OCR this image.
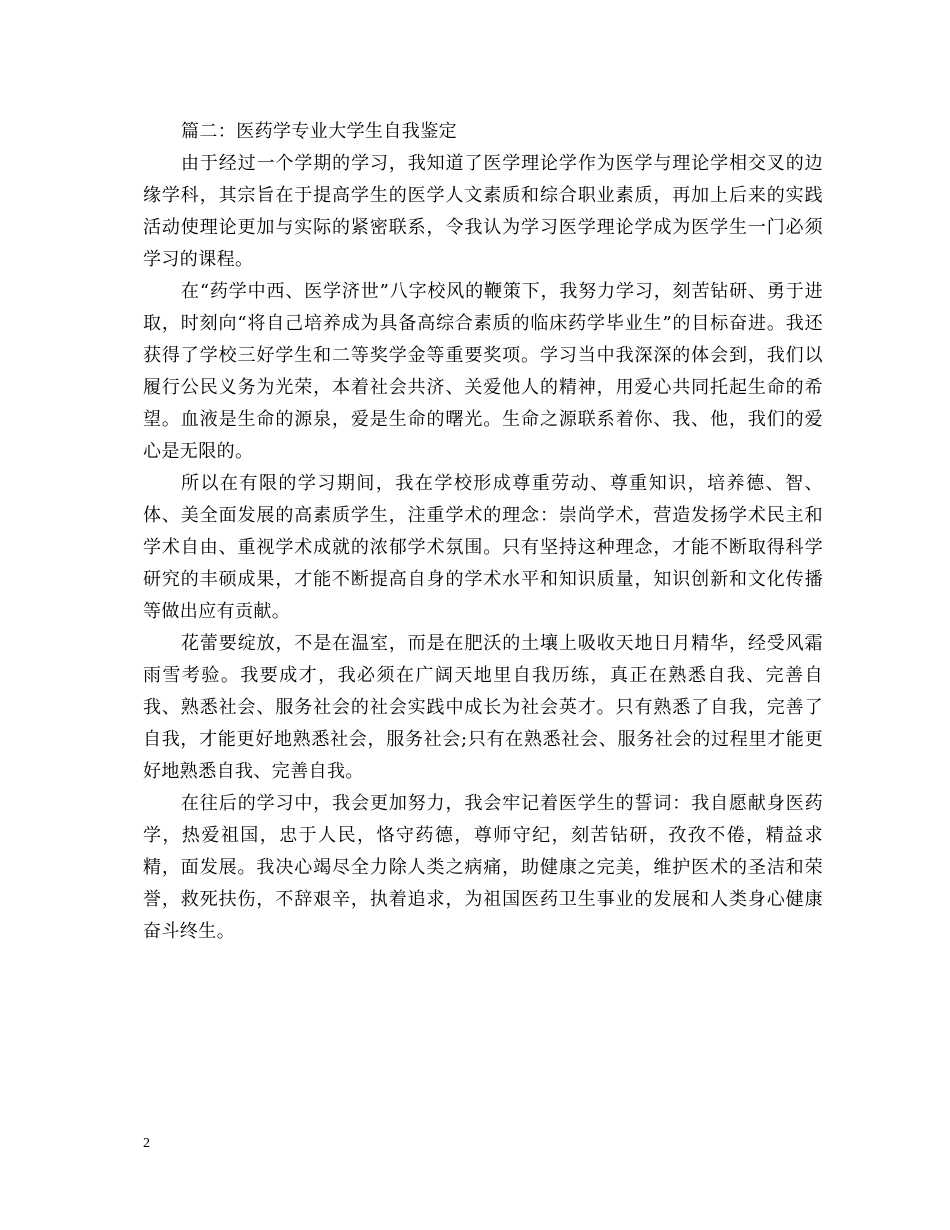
篇二：医药学专业大学生自我鉴定

由于经过一个学期的学习，我知道了医学理论学作为医学与理论学相交叉的边缘学科，其宗旨在于提高学生的医学人文素质和综合职业素质，再加上后来的实践活动使理论更加与实际的紧密联系，令我认为学习医学理论学成为医学生一门必须学习的课程。

在“药学中西、医学济世”八字校风的鞭策下，我努力学习，刻苦钻研、勇于进取，时刻向“将自己培养成为具备高综合素质的临床药学毕业生”的目标奋进。我还获得了学校三好学生和二等奖学金等重要奖项。学习当中我深深的体会到，我们以履行公民义务为光荣，本着社会共济、关爱他人的精神，用爱心共同托起生命的希望。血液是生命的源泉，爱是生命的曙光。生命之源联系着你、我、他，我们的爱心是无限的。

所以在有限的学习期间，我在学校形成尊重劳动、尊重知识，培养德、智、体、美全面发展的高素质学生，注重学术的理念：崇尚学术，营造发扬学术民主和学术自由、重视学术成就的浓郁学术氛围。只有坚持这种理念，才能不断取得科学研究的丰硕成果，才能不断提高自身的学术水平和知识质量，知识创新和文化传播等做出应有贡献。

花蕾要绽放，不是在温室，而是在肥沃的土壤上吸收天地日月精华，经受风霜雨雪考验。我要成才，我必须在广阔天地里自我历练，真正在熟悉自我、完善自我、熟悉社会、服务社会的社会实践中成长为社会英才。只有熟悉了自我，完善了自我，才能更好地熟悉社会，服务社会;只有在熟悉社会、服务社会的过程里才能更好地熟悉自我、完善自我。

在往后的学习中，我会更加努力，我会牢记着医学生的誓词：我自愿献身医药学，热爱祖国，忠于人民，恪守药德，尊师守纪，刻苦钻研，孜孜不倦，精益求精，面发展。我决心竭尽全力除人类之病痛，助健康之完美，维护医术的圣洁和荣誉，救死扶伤，不辞艰辛，执着追求，为祖国医药卫生事业的发展和人类身心健康奋斗终生。

2
